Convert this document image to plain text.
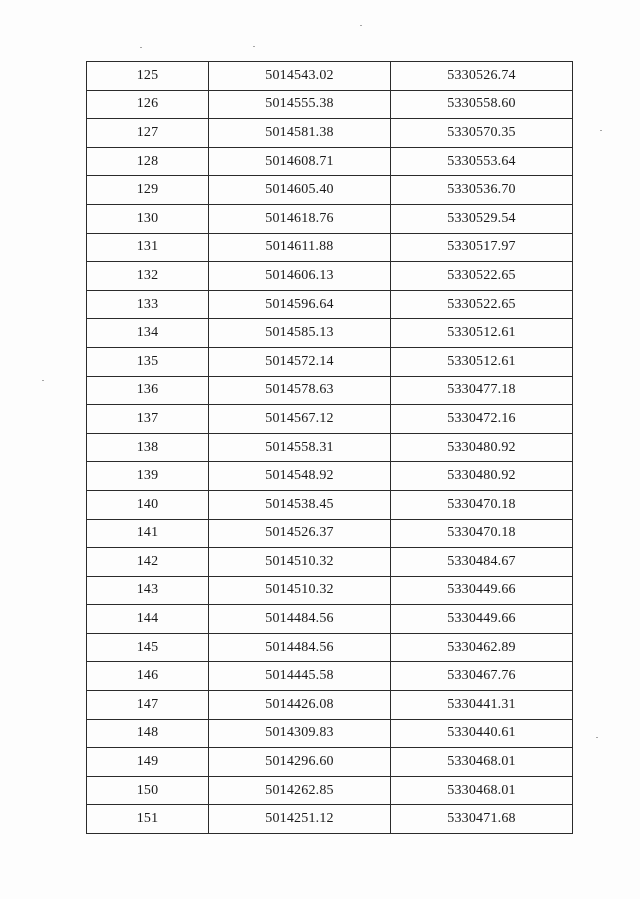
125	5014543.02	5330526.74
126	5014555.38	5330558.60
127	5014581.38	5330570.35
128	5014608.71	5330553.64
129	5014605.40	5330536.70
130	5014618.76	5330529.54
131	5014611.88	5330517.97
132	5014606.13	5330522.65
133	5014596.64	5330522.65
134	5014585.13	5330512.61
135	5014572.14	5330512.61
136	5014578.63	5330477.18
137	5014567.12	5330472.16
138	5014558.31	5330480.92
139	5014548.92	5330480.92
140	5014538.45	5330470.18
141	5014526.37	5330470.18
142	5014510.32	5330484.67
143	5014510.32	5330449.66
144	5014484.56	5330449.66
145	5014484.56	5330462.89
146	5014445.58	5330467.76
147	5014426.08	5330441.31
148	5014309.83	5330440.61
149	5014296.60	5330468.01
150	5014262.85	5330468.01
151	5014251.12	5330471.68
